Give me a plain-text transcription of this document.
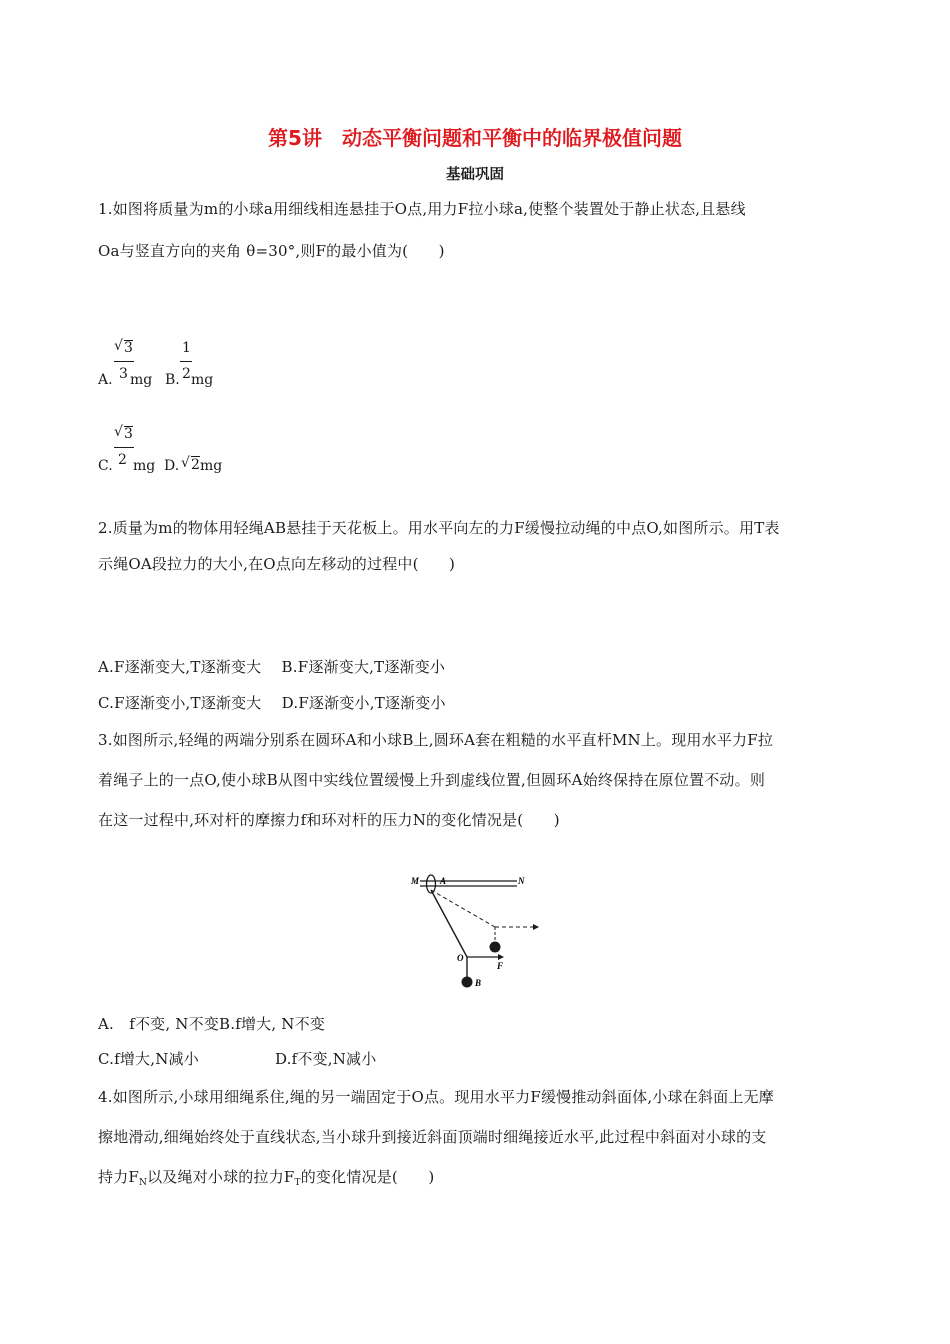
第5讲　动态平衡问题和平衡中的临界极值问题
基础巩固
1.如图将质量为m的小球a用细线相连悬挂于O点,用力F拉小球a,使整个装置处于静止状态,且悬线
Oa与竖直方向的夹角 θ=30°,则F的最小值为(　　)
A.
√ 3
3 mg B.
1
2 mg
C.
√ 3
2 mg D. √ 2 mg
2.质量为m的物体用轻绳AB悬挂于天花板上。用水平向左的力F缓慢拉动绳的中点O,如图所示。用T表
示绳OA段拉力的大小,在O点向左移动的过程中(　　)
A.F逐渐变大,T逐渐变大　 B.F逐渐变大,T逐渐变小
C.F逐渐变小,T逐渐变大　 D.F逐渐变小,T逐渐变小
3.如图所示,轻绳的两端分别系在圆环A和小球B上,圆环A套在粗糙的水平直杆MN上。现用水平力F拉
着绳子上的一点O,使小球B从图中实线位置缓慢上升到虚线位置,但圆环A始终保持在原位置不动。则
在这一过程中,环对杆的摩擦力f和环对杆的压力N的变化情况是(　　)
M A	N
O
F
B
A.　f不变, N不变B.f增大, N不变
C.f增大,N减小　　　　　D.f不变,N减小
4.如图所示,小球用细绳系住,绳的另一端固定于O点。现用水平力F缓慢推动斜面体,小球在斜面上无摩
擦地滑动,细绳始终处于直线状态,当小球升到接近斜面顶端时细绳接近水平,此过程中斜面对小球的支
持力$F_N$以及绳对小球的拉力$F_T$的变化情况是(　　)
